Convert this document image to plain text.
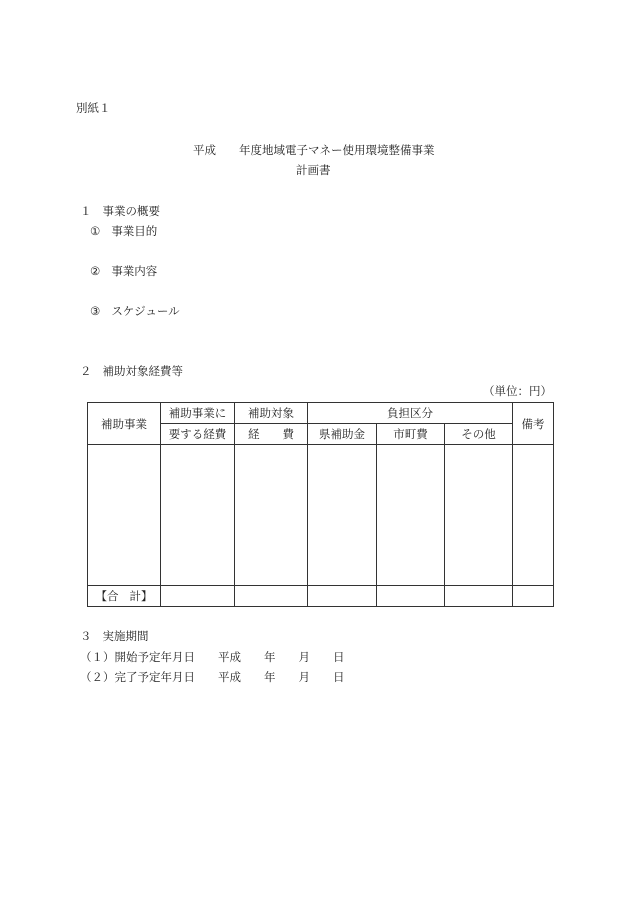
別紙１
平成 年度地域電子マネー使用環境整備事業
計画書
１ 事業の概要
① 事業目的
② 事業内容
③ スケジュール
２ 補助対象経費等
（単位：円）
補助事業	補助事業に	補助対象	負担区分			備考
	要する経費	経 費	県補助金	市町費	その他	

【合 計】						
３ 実施期間
（１）開始予定年月日 平成 年 月 日
（２）完了予定年月日 平成 年 月 日
